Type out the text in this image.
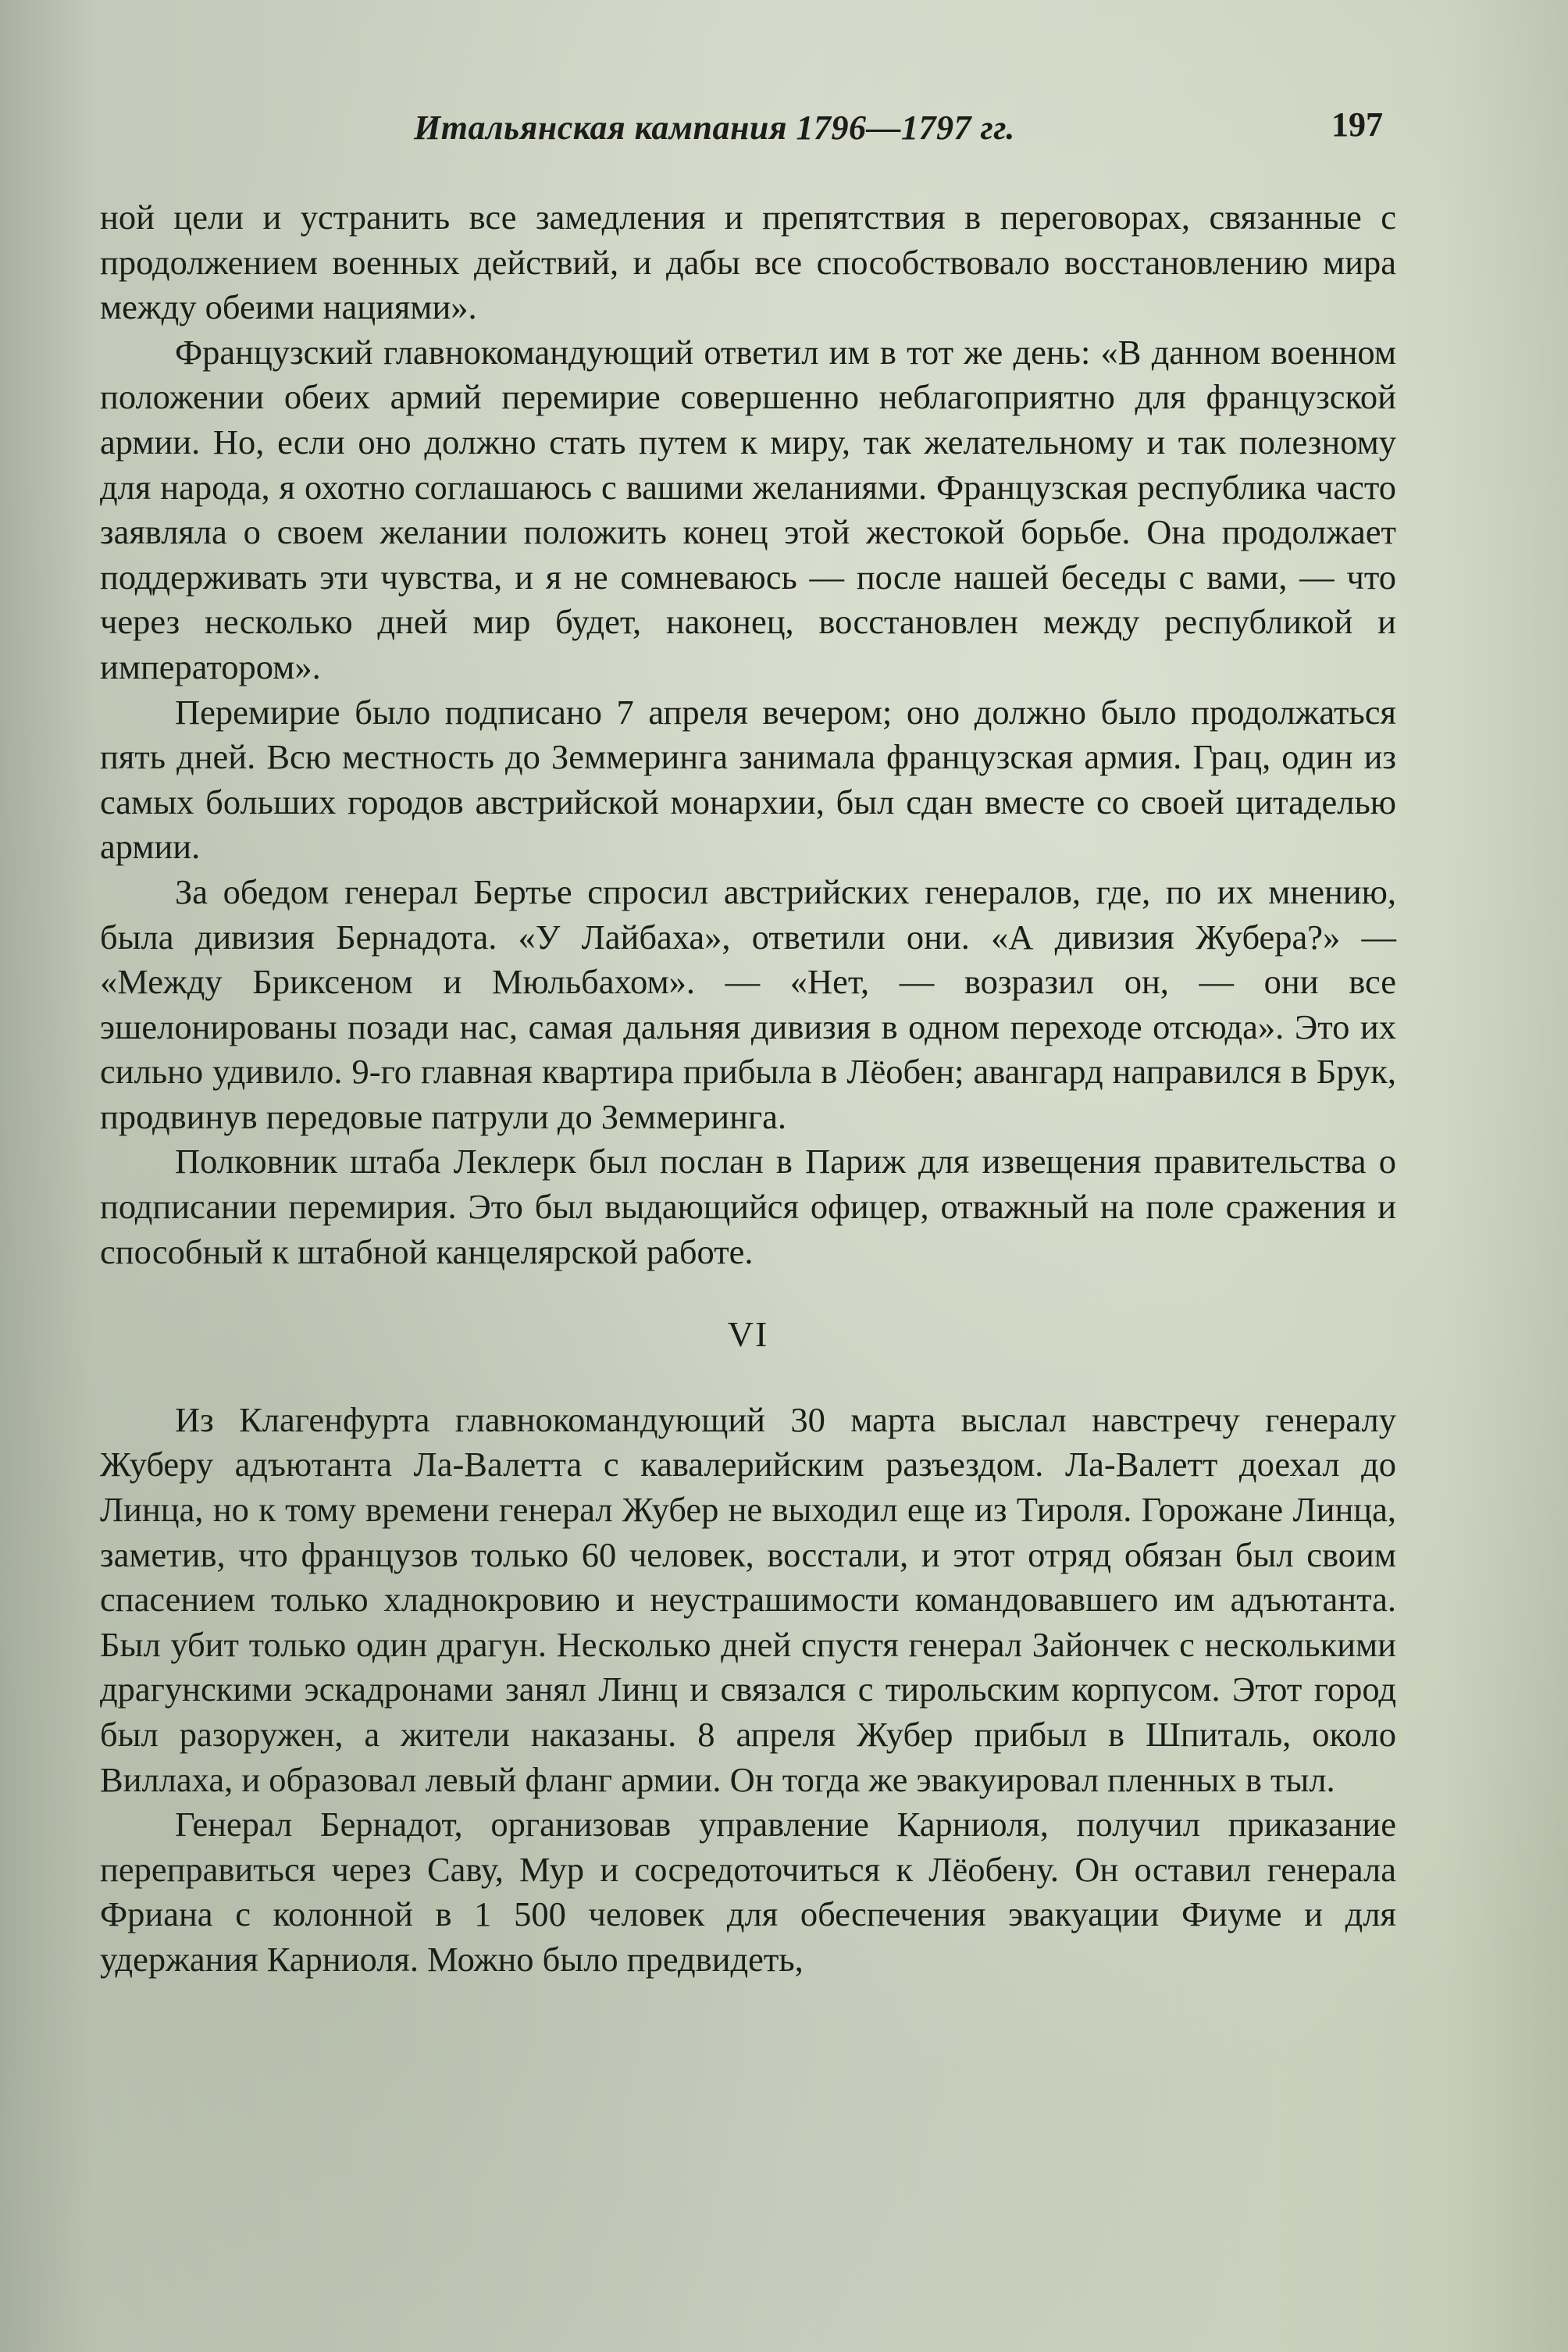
Итальянская кампания 1796—1797 гг.	197

ной цели и устранить все замедления и препятствия в переговорах, связанные с продолжением военных действий, и дабы все способствовало восстановлению мира между обеими нациями».

Французский главнокомандующий ответил им в тот же день: «В данном военном положении обеих армий перемирие совершенно неблагоприятно для французской армии. Но, если оно должно стать путем к миру, так желательному и так полезному для народа, я охотно соглашаюсь с вашими желаниями. Французская республика часто заявляла о своем желании положить конец этой жестокой борьбе. Она продолжает поддерживать эти чувства, и я не сомневаюсь — после нашей беседы с вами, — что через несколько дней мир будет, наконец, восстановлен между республикой и императором».

Перемирие было подписано 7 апреля вечером; оно должно было продолжаться пять дней. Всю местность до Земмеринга занимала французская армия. Грац, один из самых больших городов австрийской монархии, был сдан вместе со своей цитаделью армии.

За обедом генерал Бертье спросил австрийских генералов, где, по их мнению, была дивизия Бернадота. «У Лайбаха», ответили они. «А дивизия Жубера?» — «Между Бриксеном и Мюльбахом». — «Нет, — возразил он, — они все эшелонированы позади нас, самая дальняя дивизия в одном переходе отсюда». Это их сильно удивило. 9-го главная квартира прибыла в Лёобен; авангард направился в Брук, продвинув передовые патрули до Земмеринга.

Полковник штаба Леклерк был послан в Париж для извещения правительства о подписании перемирия. Это был выдающийся офицер, отважный на поле сражения и способный к штабной канцелярской работе.

VI

Из Клагенфурта главнокомандующий 30 марта выслал навстречу генералу Жуберу адъютанта Ла-Валетта с кавалерийским разъездом. Ла-Валетт доехал до Линца, но к тому времени генерал Жубер не выходил еще из Тироля. Горожане Линца, заметив, что французов только 60 человек, восстали, и этот отряд обязан был своим спасением только хладнокровию и неустрашимости командовавшего им адъютанта. Был убит только один драгун. Несколько дней спустя генерал Зайончек с несколькими драгунскими эскадронами занял Линц и связался с тирольским корпусом. Этот город был разоружен, а жители наказаны. 8 апреля Жубер прибыл в Шпиталь, около Виллаха, и образовал левый фланг армии. Он тогда же эвакуировал пленных в тыл.

Генерал Бернадот, организовав управление Карниоля, получил приказание переправиться через Саву, Мур и сосредоточиться к Лёобену. Он оставил генерала Фриана с колонной в 1 500 человек для обеспечения эвакуации Фиуме и для удержания Карниоля. Можно было предвидеть,
